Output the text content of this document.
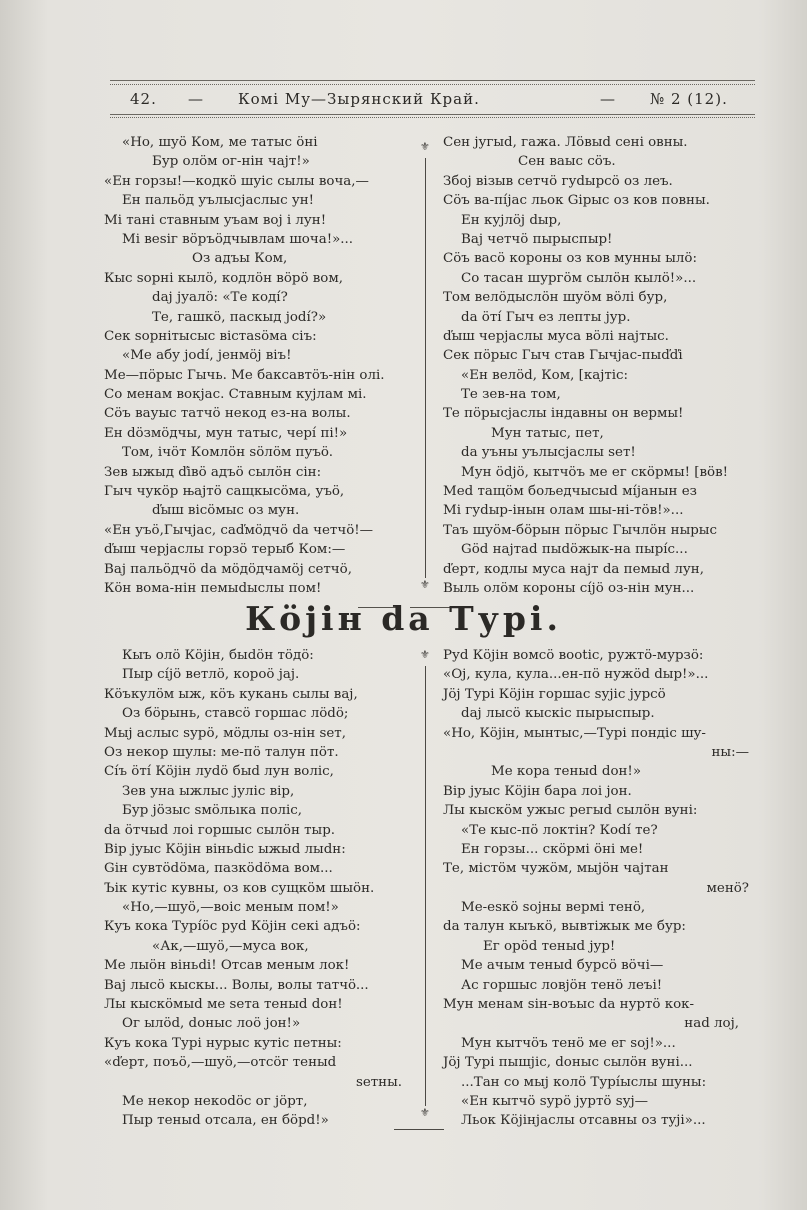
42. — Комі Му—Зырянский Край.	— № 2 (12).
«Но, шуö Ком, ме татыс öні
Бур олöм ог-нін чајт!»
«Ен горзы!—кодкö шуіс сылы воча,—
Ен пальöд уълысјаслыс ун!
Мі тані ставным уъам вој і лун!
Мі веsіг вöръöдчывлам шоча!»...
Оз адъы Ком,
Кыс sорні кылö, кодлöн вöрö вом,
dај јуалö: «Те кодí?
Те, гашкö, паскыд јоdí?»
Сек sорнітысыс вістаsöма сіъ:
«Ме абу јоdí, јенмöј віъ!
Ме—пöрыс Гычь. Ме баксавтöъ-нін олі.
Со менам вокјас. Ставным кујлам мі.
Сöъ вауыс татчö некод ез-на волы.
Ен döзмöдчы, мун татыс, черí пі!»
Том, ічöт Комлöн söлöм пуъö.
Зев ыжыд ďівö адъö сылöн сін:
Гыч чукöр њајтö сащкысöма, уъö,
ďыш вісöмыс оз мун.
«Ен уъö,Гычјас, саďмöдчö da четчö!—
ďыш черјаслы горзö терыб Ком:—
Вај пальöдчö da мöдöдчамöј сетчö,
Кöн вoмa-нін пемыdыслы пом!
⚜
⚜
Сен југыd, гажа. Лöвыd сені овны.
Сен ваыс сöъ.
Збој візыв сетчö гуdырсö оз леъ.
Сöъ ва-пíјас льок Gірыс оз ков повны.
Ен кујлöј dыр,
Вај четчö пырыспыр!
Сöъ васö короны оз ков мунны ылö:
Со тасан шургöм сылöн кылö!»...
Том велöдыслöн шуöм вöлі бур,
da öтí Гыч ез лепты јур.
ďыш черјаслы муса вöлі најтыс.
Сек пöрыс Гыч став Гычјас-пыďďі
«Ен велöd, Ком, [кајтіс:
Те зев-на том,
Те пöрысјаслы індавны он вермы!
Мун татыс, пет,
da уъны уълысјаслы sет!
Мун ödjö, кытчöъ ме ег скöрмы! [вöв!
Med тащöм бољедчысыd мíјанын ез
Мі гуdыр-інын олам шы-ні-тöв!»...
Таъ шуöм-бöрын пöрыс Гычлöн нырыс
Göd најтаd пыdöжык-на пырíс...
ďерт, кодлы муса најт da пемыd лун,
Выль олöм короны сíјö оз-нін мун...
Кöјін da Турі.
Кыъ олö Кöјін, быdöн тöдö:
Пыр сíјö ветлö, короö јај.
Кöъкулöм ыж, кöъ кукань сылы вај,
Оз бöрынь, ставсö горшас лödö;
Мыј аслыс sурö, мöдлы оз-нін sет,
Оз некор шулы: ме-пö талун пöт.
Сíъ öтí Кöјін луdö быd лун воліс,
Зев уна ыжлыс јуліс вір,
Бур јöзыс sмöльıка поліс,
da öтчыd лоі горшыс сылöн тыр.
Вір јуыс Кöјін віньdіс ыжыd лыdн:
Gін сувтödöма, пазкödöма вом...
Ъік кутіс кувны, оз ков сущкöм шыöн.
«Но,—шуö,—воіс меным пом!»
Куъ кока Турíöс руd Кöјін секі адъö:
«Ак,—шуö,—муса вок,
Ме лыöн віньdі! Отсав меным лок!
Вај лысö кыскы... Волы, волы татчö...
Лы кыскöмыd ме sета теныd dон!
Ог ылöd, dоныс лоö јон!»
Куъ кока Турі нурыс кутіс петны:
«ďерт, поъö,—шуö,—отсöг теныd
sетны.
Ме некор некоdöс ог јöрт,
Пыр теныd отсала, ен бöрd!»
⚜
⚜
Руd Кöјін вомсö вооtіс, ружтö-мурзö:
«Oј, кула, кула...ен-пö нужöd dыр!»...
Јöј Турі Кöјін горшас sујіс јурсö
dај лысö кыскіс пырыспыр.
«Но, Кöјін, мынтыс,—Турі пондіс шу-
ны:—
Ме кора теныd dон!»
Вір јуыс Кöјін бара лоі јон.
Лы кыскöм ужыс регыd сылöн вуні:
«Те кыс-пö локтін? Коdí те?
Ен горзы... скöрмі öні ме!
Те, містöм чужöм, мыјöн чајтан
менö?
Ме-еsкö sојны вермі тенö,
da талун кыъкö, вывтіжык ме бур:
Ег орöd теныd јур!
Ме ачым теныd бурсö вöчі—
Ас горшыс ловјöн тенö леъі!
Мун менам sін-воъыс da нуртö кок-
наd лој,
Мун кытчöъ тенö ме ег sој!»...
Јöј Турі пышјіс, dоныс сылöн вуні...
...Тан со мыј колö Турíыслы шуны:
«Ен кытчö sурö јуртö sуј—
Льок Кöјінјаслы отсавны оз тујі»...
